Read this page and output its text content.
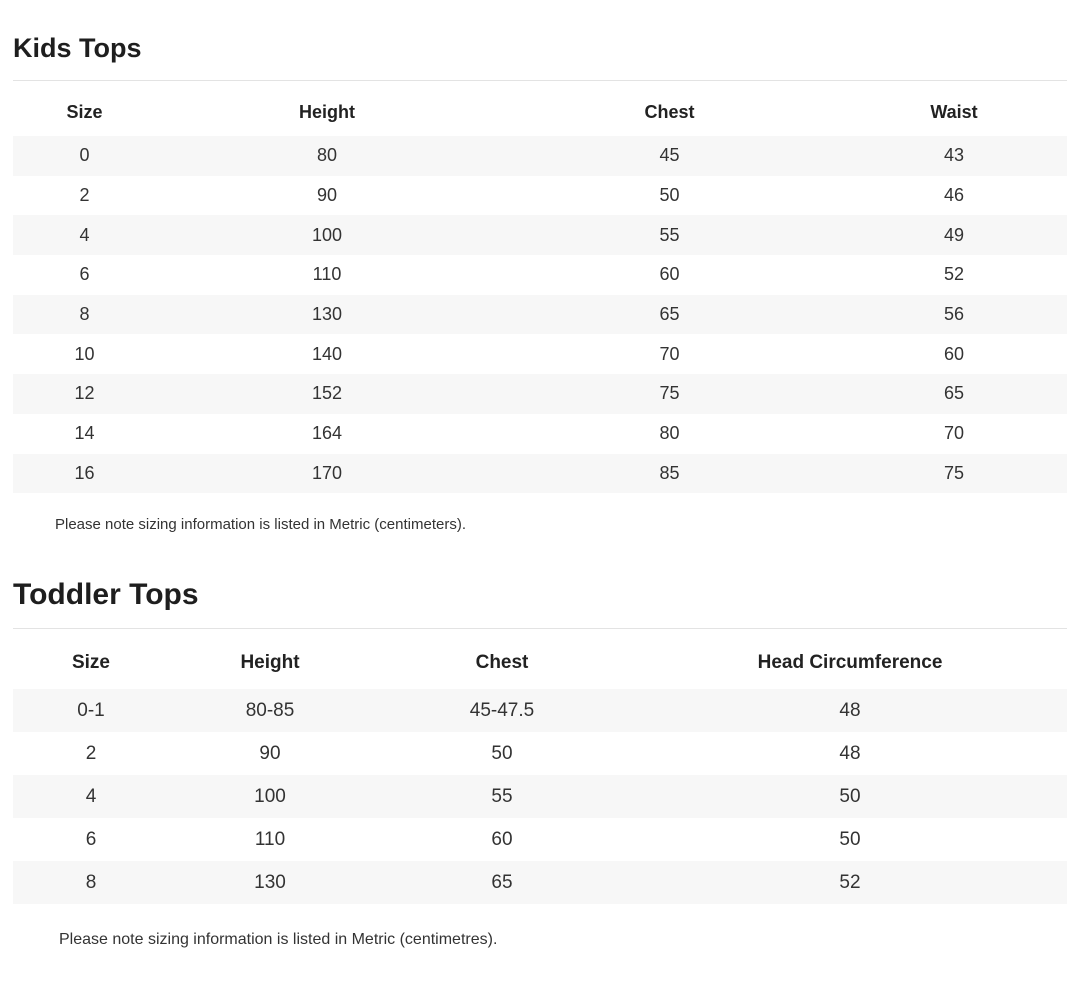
Kids Tops
Size	Height	Chest	Waist
0	80	45	43
2	90	50	46
4	100	55	49
6	110	60	52
8	130	65	56
10	140	70	60
12	152	75	65
14	164	80	70
16	170	85	75

Please note sizing information is listed in Metric (centimeters).

Toddler Tops
Size	Height	Chest	Head Circumference
0-1	80-85	45-47.5	48
2	90	50	48
4	100	55	50
6	110	60	50
8	130	65	52

Please note sizing information is listed in Metric (centimetres).
